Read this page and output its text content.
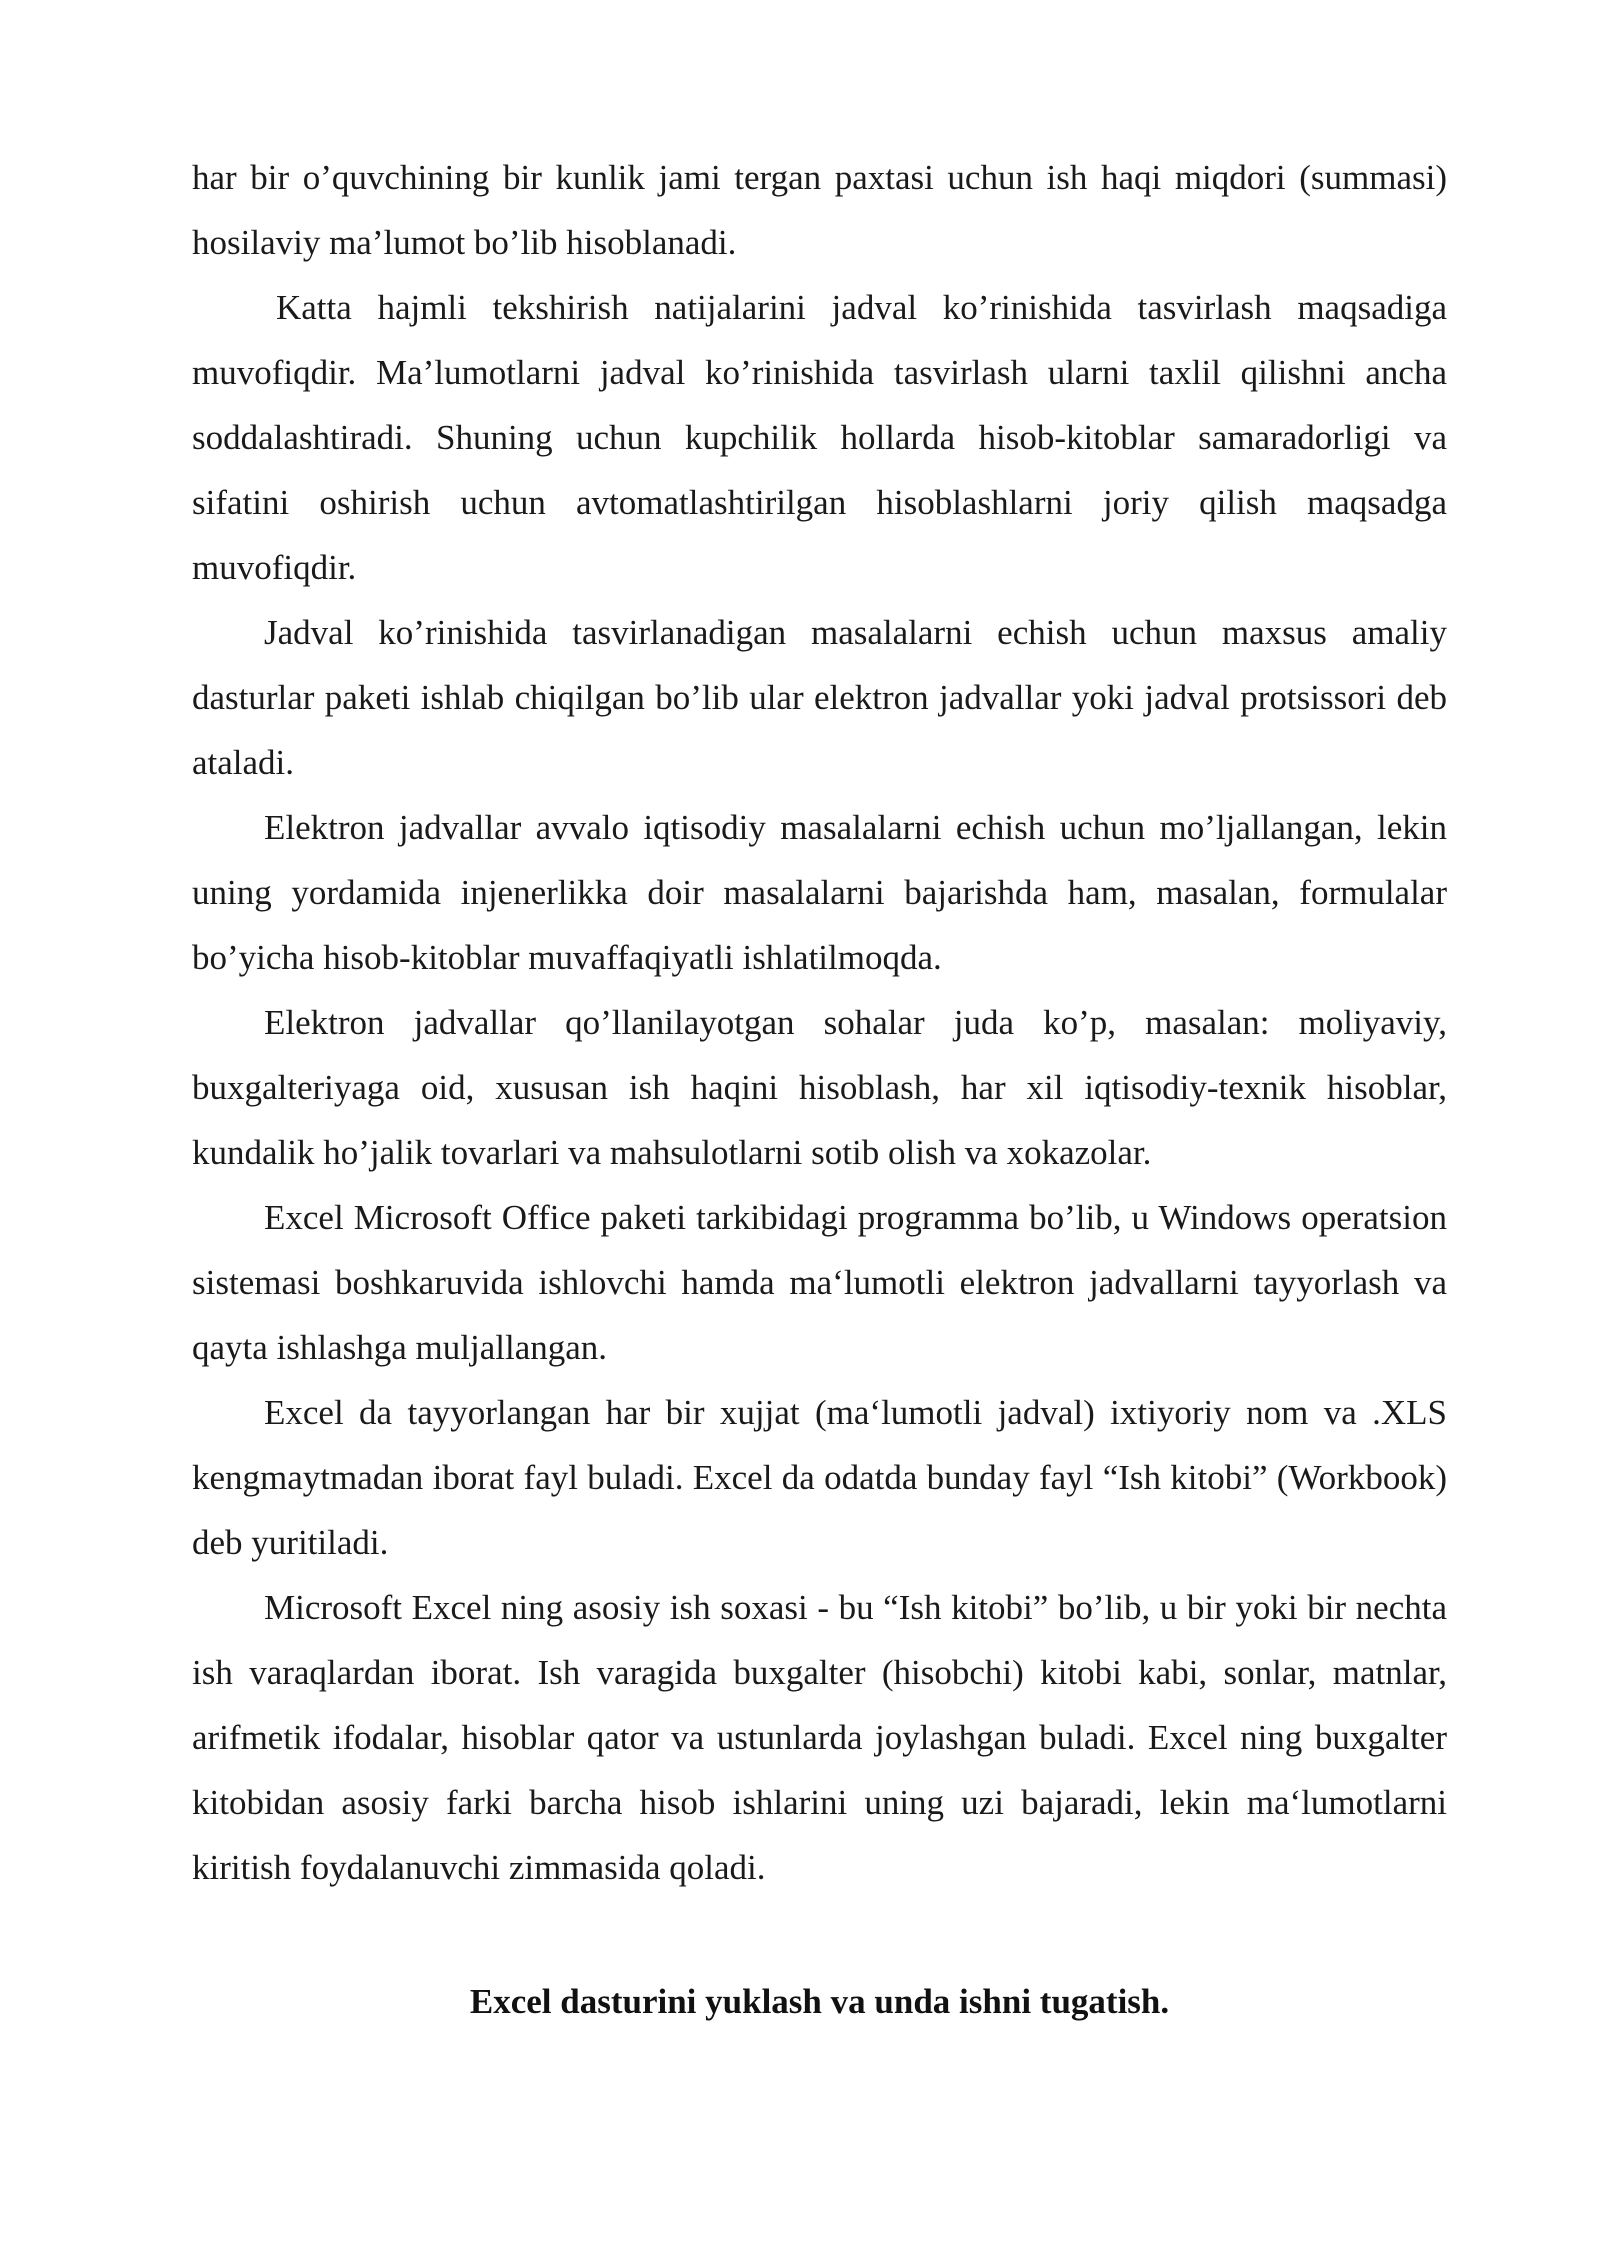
har bir o’quvchining bir kunlik jami tergan paxtasi uchun ish haqi miqdori (summasi) hosilaviy ma’lumot bo’lib hisoblanadi.

Katta hajmli tekshirish natijalarini jadval ko’rinishida tasvirlash maqsadiga muvofiqdir. Ma’lumotlarni jadval ko’rinishida tasvirlash ularni taxlil qilishni ancha soddalashtiradi. Shuning uchun kupchilik hollarda hisob-kitoblar samaradorligi va sifatini oshirish uchun avtomatlashtirilgan hisoblashlarni joriy qilish maqsadga muvofiqdir.

Jadval ko’rinishida tasvirlanadigan masalalarni echish uchun maxsus amaliy dasturlar paketi ishlab chiqilgan bo’lib ular elektron jadvallar yoki jadval protsissori deb ataladi.

Elektron jadvallar avvalo iqtisodiy masalalarni echish uchun mo’ljallangan, lekin uning yordamida injenerlikka doir masalalarni bajarishda ham, masalan, formulalar bo’yicha hisob-kitoblar muvaffaqiyatli ishlatilmoqda.

Elektron jadvallar qo’llanilayotgan sohalar juda ko’p, masalan: moliyaviy, buxgalteriyaga oid, xususan ish haqini hisoblash, har xil iqtisodiy-texnik hisoblar, kundalik ho’jalik tovarlari va mahsulotlarni sotib olish va xokazolar.

Excel Microsoft Office paketi tarkibidagi programma bo’lib, u Windows operatsion sistemasi boshkaruvida ishlovchi hamda ma‘lumotli elektron jadvallarni tayyorlash va qayta ishlashga muljallangan.

Excel da tayyorlangan har bir xujjat (ma‘lumotli jadval) ixtiyoriy nom va .XLS kengmaytmadan iborat fayl buladi. Excel da odatda bunday fayl “Ish kitobi” (Workbook) deb yuritiladi.

Microsoft Excel ning asosiy ish soxasi - bu “Ish kitobi” bo’lib, u bir yoki bir nechta ish varaqlardan iborat. Ish varagida buxgalter (hisobchi) kitobi kabi, sonlar, matnlar, arifmetik ifodalar, hisoblar qator va ustunlarda joylashgan buladi. Excel ning buxgalter kitobidan asosiy farki barcha hisob ishlarini uning uzi bajaradi, lekin ma‘lumotlarni kiritish foydalanuvchi zimmasida qoladi.

Excel dasturini yuklash va unda ishni tugatish.
